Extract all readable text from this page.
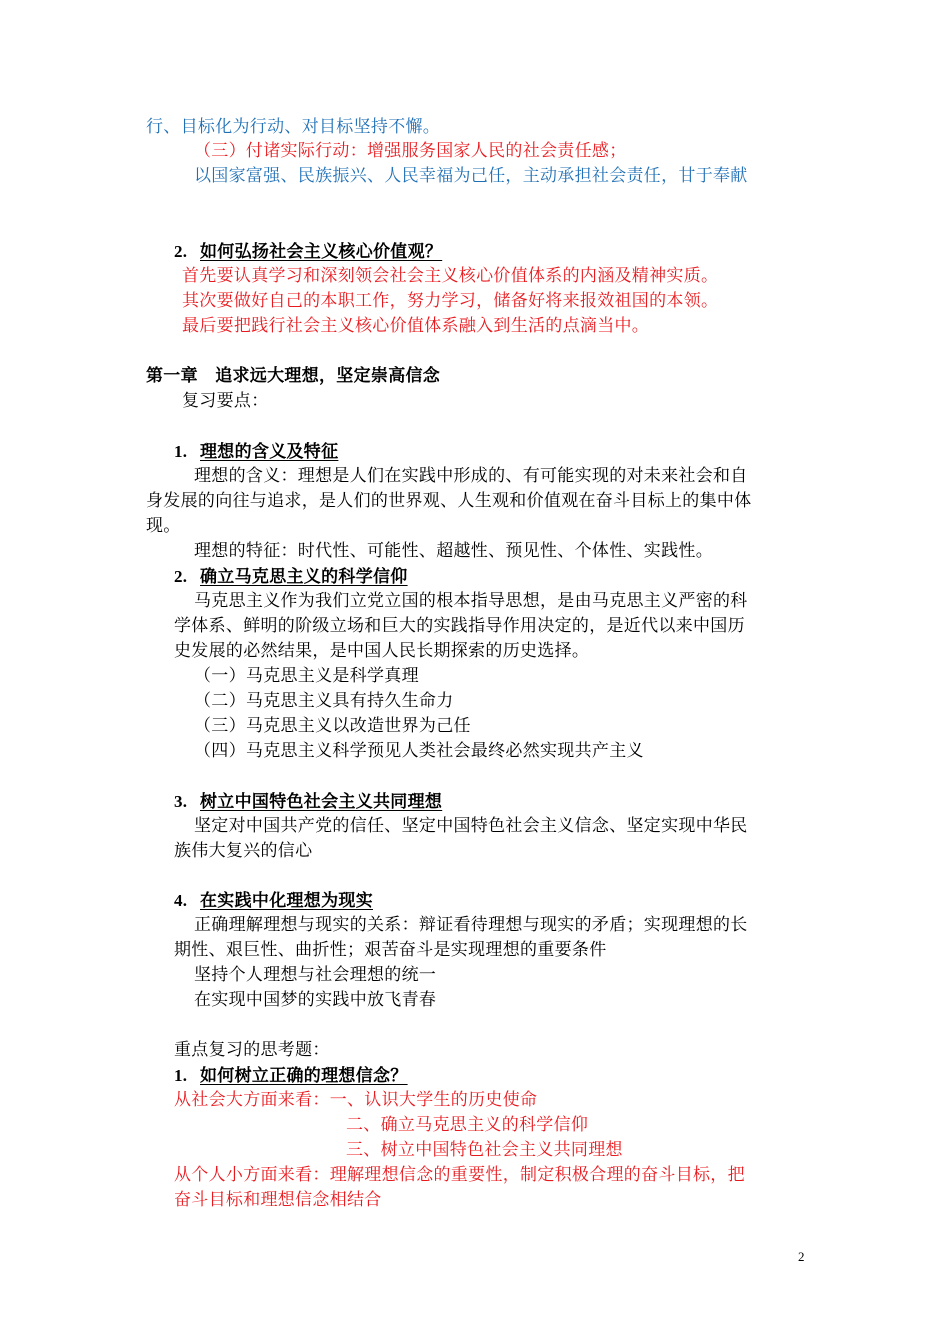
行、目标化为行动、对目标坚持不懈。
（三）付诸实际行动：增强服务国家人民的社会责任感；
以国家富强、民族振兴、人民幸福为己任，主动承担社会责任，甘于奉献
2. 如何弘扬社会主义核心价值观？
首先要认真学习和深刻领会社会主义核心价值体系的内涵及精神实质。
其次要做好自己的本职工作，努力学习，储备好将来报效祖国的本领。
最后要把践行社会主义核心价值体系融入到生活的点滴当中。
第一章　追求远大理想，坚定崇高信念
复习要点：
1. 理想的含义及特征
理想的含义：理想是人们在实践中形成的、有可能实现的对未来社会和自
身发展的向往与追求，是人们的世界观、人生观和价值观在奋斗目标上的集中体
现。
理想的特征：时代性、可能性、超越性、预见性、个体性、实践性。
2. 确立马克思主义的科学信仰
马克思主义作为我们立党立国的根本指导思想，是由马克思主义严密的科
学体系、鲜明的阶级立场和巨大的实践指导作用决定的，是近代以来中国历
史发展的必然结果，是中国人民长期探索的历史选择。
（一）马克思主义是科学真理
（二）马克思主义具有持久生命力
（三）马克思主义以改造世界为己任
（四）马克思主义科学预见人类社会最终必然实现共产主义
3. 树立中国特色社会主义共同理想
坚定对中国共产党的信任、坚定中国特色社会主义信念、坚定实现中华民
族伟大复兴的信心
4. 在实践中化理想为现实
正确理解理想与现实的关系：辩证看待理想与现实的矛盾；实现理想的长
期性、艰巨性、曲折性；艰苦奋斗是实现理想的重要条件
坚持个人理想与社会理想的统一
在实现中国梦的实践中放飞青春
重点复习的思考题：
1. 如何树立正确的理想信念？
从社会大方面来看：一、认识大学生的历史使命
二、确立马克思主义的科学信仰
三、树立中国特色社会主义共同理想
从个人小方面来看：理解理想信念的重要性，制定积极合理的奋斗目标，把
奋斗目标和理想信念相结合
2
